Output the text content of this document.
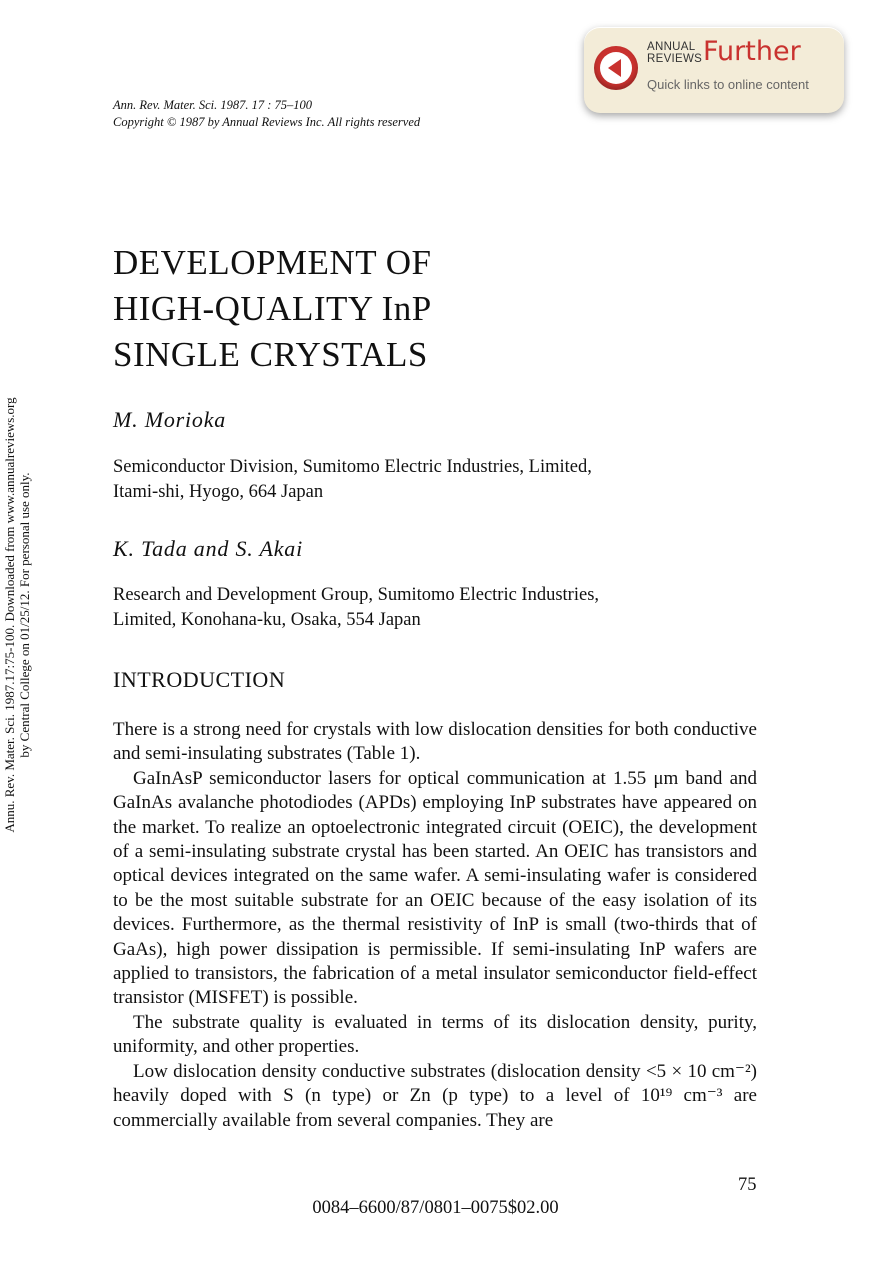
Ann. Rev. Mater. Sci. 1987. 17 : 75–100
Copyright © 1987 by Annual Reviews Inc. All rights reserved
ANNUAL
REVIEWS Further
Quick links to online content
Annu. Rev. Mater. Sci. 1987.17:75-100. Downloaded from www.annualreviews.org by Central College on 01/25/12. For personal use only.
DEVELOPMENT OF
HIGH-QUALITY InP
SINGLE CRYSTALS
M. Morioka
Semiconductor Division, Sumitomo Electric Industries, Limited,
Itami-shi, Hyogo, 664 Japan
K. Tada and S. Akai
Research and Development Group, Sumitomo Electric Industries,
Limited, Konohana-ku, Osaka, 554 Japan
INTRODUCTION

There is a strong need for crystals with low dislocation densities for both conductive and semi-insulating substrates (Table 1).

GaInAsP semiconductor lasers for optical communication at 1.55 μm band and GaInAs avalanche photodiodes (APDs) employing InP substrates have appeared on the market. To realize an optoelectronic integrated circuit (OEIC), the development of a semi-insulating substrate crystal has been started. An OEIC has transistors and optical devices integrated on the same wafer. A semi-insulating wafer is considered to be the most suitable substrate for an OEIC because of the easy isolation of its devices. Furthermore, as the thermal resistivity of InP is small (two-thirds that of GaAs), high power dissipation is permissible. If semi-insulating InP wafers are applied to transistors, the fabrication of a metal insulator semiconductor field-effect transistor (MISFET) is possible.

The substrate quality is evaluated in terms of its dislocation density, purity, uniformity, and other properties.

Low dislocation density conductive substrates (dislocation density <5 × 10 cm⁻²) heavily doped with S (n type) or Zn (p type) to a level of 10¹⁹ cm⁻³ are commercially available from several companies. They are

75
0084–6600/87/0801–0075$02.00
